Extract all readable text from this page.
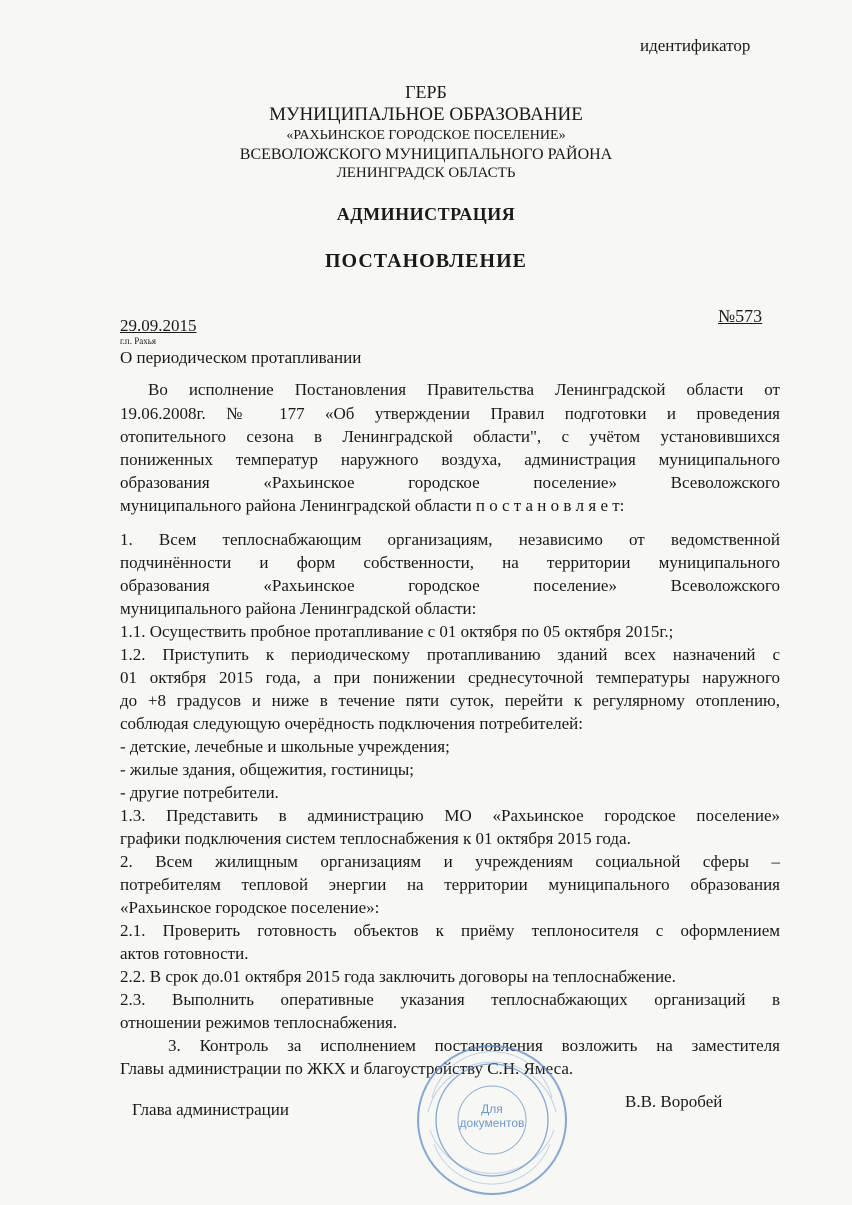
идентификатор
ГЕРБ
МУНИЦИПАЛЬНОЕ ОБРАЗОВАНИЕ
«РАХЬИНСКОЕ ГОРОДСКОЕ ПОСЕЛЕНИЕ»
ВСЕВОЛОЖСКОГО МУНИЦИПАЛЬНОГО РАЙОНА
ЛЕНИНГРАДСК ОБЛАСТЬ
АДМИНИСТРАЦИЯ
ПОСТАНОВЛЕНИЕ
29.09.2015	№573
г.п. Рахья
О периодическом протапливании
Во исполнение Постановления Правительства Ленинградской области от
19.06.2008г. № 177 «Об утверждении Правил подготовки и проведения
отопительного сезона в Ленинградской области", с учётом установившихся
пониженных температур наружного воздуха, администрация муниципального
образования «Рахьинское городское поселение» Всеволожского
муниципального района Ленинградской области п о с т а н о в л я е т:
1. Всем теплоснабжающим организациям, независимо от ведомственной
подчинённости и форм собственности, на территории муниципального
образования «Рахьинское городское поселение» Всеволожского
муниципального района Ленинградской области:
1.1. Осуществить пробное протапливание с 01 октября по 05 октября 2015г.;
1.2. Приступить к периодическому протапливанию зданий всех назначений с
01 октября 2015 года, а при понижении среднесуточной температуры наружного
до +8 градусов и ниже в течение пяти суток, перейти к регулярному отоплению,
соблюдая следующую очерёдность подключения потребителей:
- детские, лечебные и школьные учреждения;
- жилые здания, общежития, гостиницы;
- другие потребители.
1.3. Представить в администрацию МО «Рахьинское городское поселение»
графики подключения систем теплоснабжения к 01 октября 2015 года.
2. Всем жилищным организациям и учреждениям социальной сферы –
потребителям тепловой энергии на территории муниципального образования
«Рахьинское городское поселение»:
2.1. Проверить готовность объектов к приёму теплоносителя с оформлением
актов готовности.
2.2. В срок до.01 октября 2015 года заключить договоры на теплоснабжение.
2.3. Выполнить оперативные указания теплоснабжающих организаций в
отношении режимов теплоснабжения.
3. Контроль за исполнением постановления возложить на заместителя
Главы администрации по ЖКХ и благоустройству С.Н. Ямеса.
Для
документов
Глава администрации	В.В. Воробей
